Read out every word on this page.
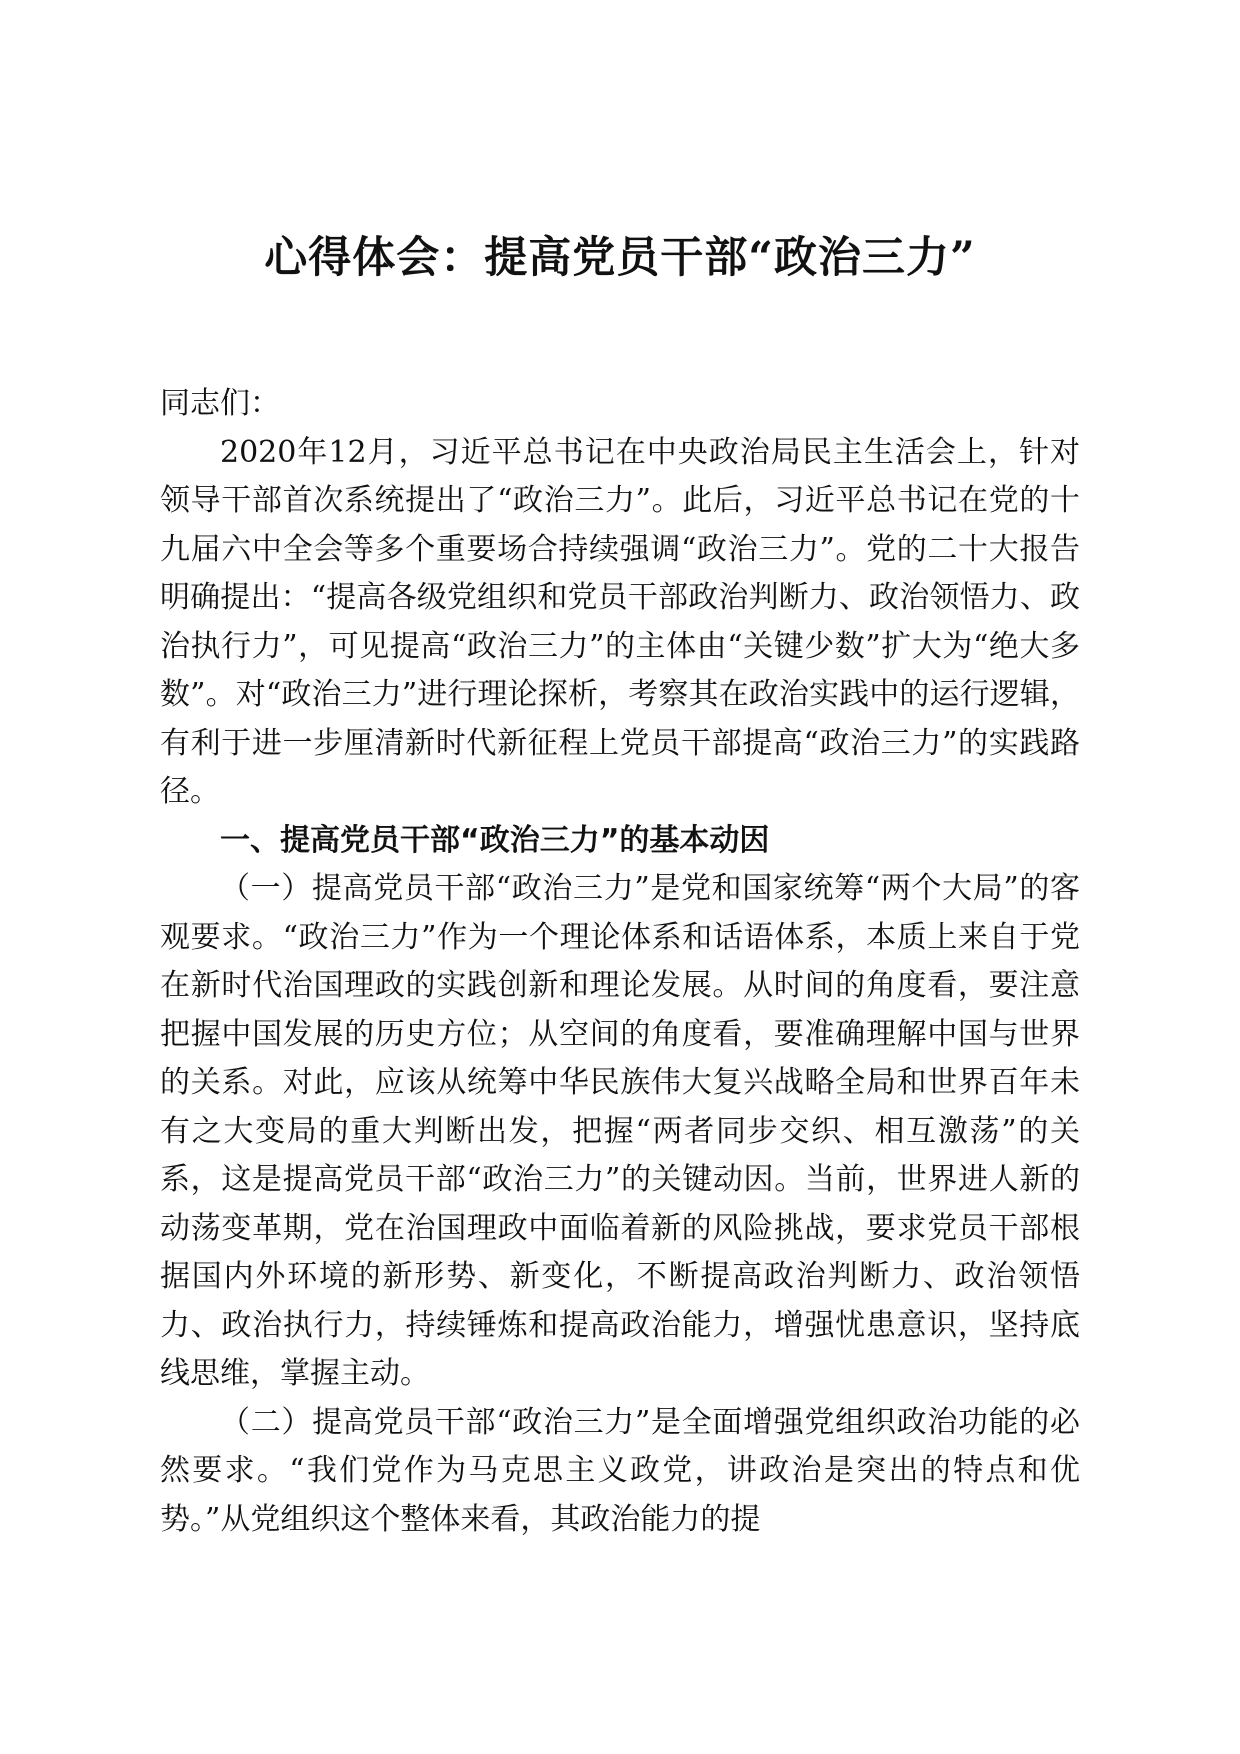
心得体会：提高党员干部“政治三力”

同志们：

2020年12月，习近平总书记在中央政治局民主生活会上，针对领导干部首次系统提出了“政治三力”。此后，习近平总书记在党的十九届六中全会等多个重要场合持续强调“政治三力”。党的二十大报告明确提出：“提高各级党组织和党员干部政治判断力、政治领悟力、政治执行力”，可见提高“政治三力”的主体由“关键少数”扩大为“绝大多数”。对“政治三力”进行理论探析，考察其在政治实践中的运行逻辑，有利于进一步厘清新时代新征程上党员干部提高“政治三力”的实践路径。

一、提高党员干部“政治三力”的基本动因

（一）提高党员干部“政治三力”是党和国家统筹“两个大局”的客观要求。“政治三力”作为一个理论体系和话语体系，本质上来自于党在新时代治国理政的实践创新和理论发展。从时间的角度看，要注意把握中国发展的历史方位；从空间的角度看，要准确理解中国与世界的关系。对此，应该从统筹中华民族伟大复兴战略全局和世界百年未有之大变局的重大判断出发，把握“两者同步交织、相互激荡”的关系，这是提高党员干部“政治三力”的关键动因。当前，世界进人新的动荡变革期，党在治国理政中面临着新的风险挑战，要求党员干部根据国内外环境的新形势、新变化，不断提高政治判断力、政治领悟力、政治执行力，持续锤炼和提高政治能力，增强忧患意识，坚持底线思维，掌握主动。

（二）提高党员干部“政治三力”是全面增强党组织政治功能的必然要求。“我们党作为马克思主义政党，讲政治是突出的特点和优势。”从党组织这个整体来看，其政治能力的提
